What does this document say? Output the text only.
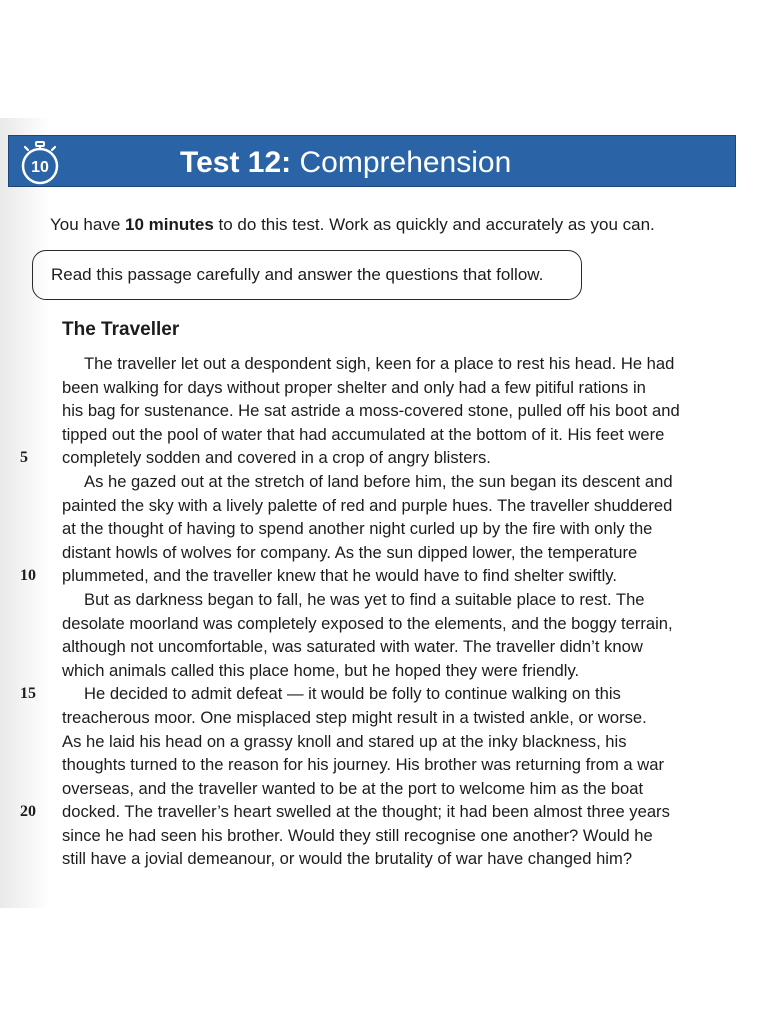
10	Test 12: Comprehension
You have 10 minutes to do this test. Work as quickly and accurately as you can.
Read this passage carefully and answer the questions that follow.
The Traveller
The traveller let out a despondent sigh, keen for a place to rest his head. He had
been walking for days without proper shelter and only had a few pitiful rations in
his bag for sustenance. He sat astride a moss-covered stone, pulled off his boot and
tipped out the pool of water that had accumulated at the bottom of it. His feet were
5	completely sodden and covered in a crop of angry blisters.
As he gazed out at the stretch of land before him, the sun began its descent and
painted the sky with a lively palette of red and purple hues. The traveller shuddered
at the thought of having to spend another night curled up by the fire with only the
distant howls of wolves for company. As the sun dipped lower, the temperature
10	plummeted, and the traveller knew that he would have to find shelter swiftly.
But as darkness began to fall, he was yet to find a suitable place to rest. The
desolate moorland was completely exposed to the elements, and the boggy terrain,
although not uncomfortable, was saturated with water. The traveller didn’t know
which animals called this place home, but he hoped they were friendly.
15	He decided to admit defeat — it would be folly to continue walking on this
treacherous moor. One misplaced step might result in a twisted ankle, or worse.
As he laid his head on a grassy knoll and stared up at the inky blackness, his
thoughts turned to the reason for his journey. His brother was returning from a war
overseas, and the traveller wanted to be at the port to welcome him as the boat
20	docked. The traveller’s heart swelled at the thought; it had been almost three years
since he had seen his brother. Would they still recognise one another? Would he
still have a jovial demeanour, or would the brutality of war have changed him?
